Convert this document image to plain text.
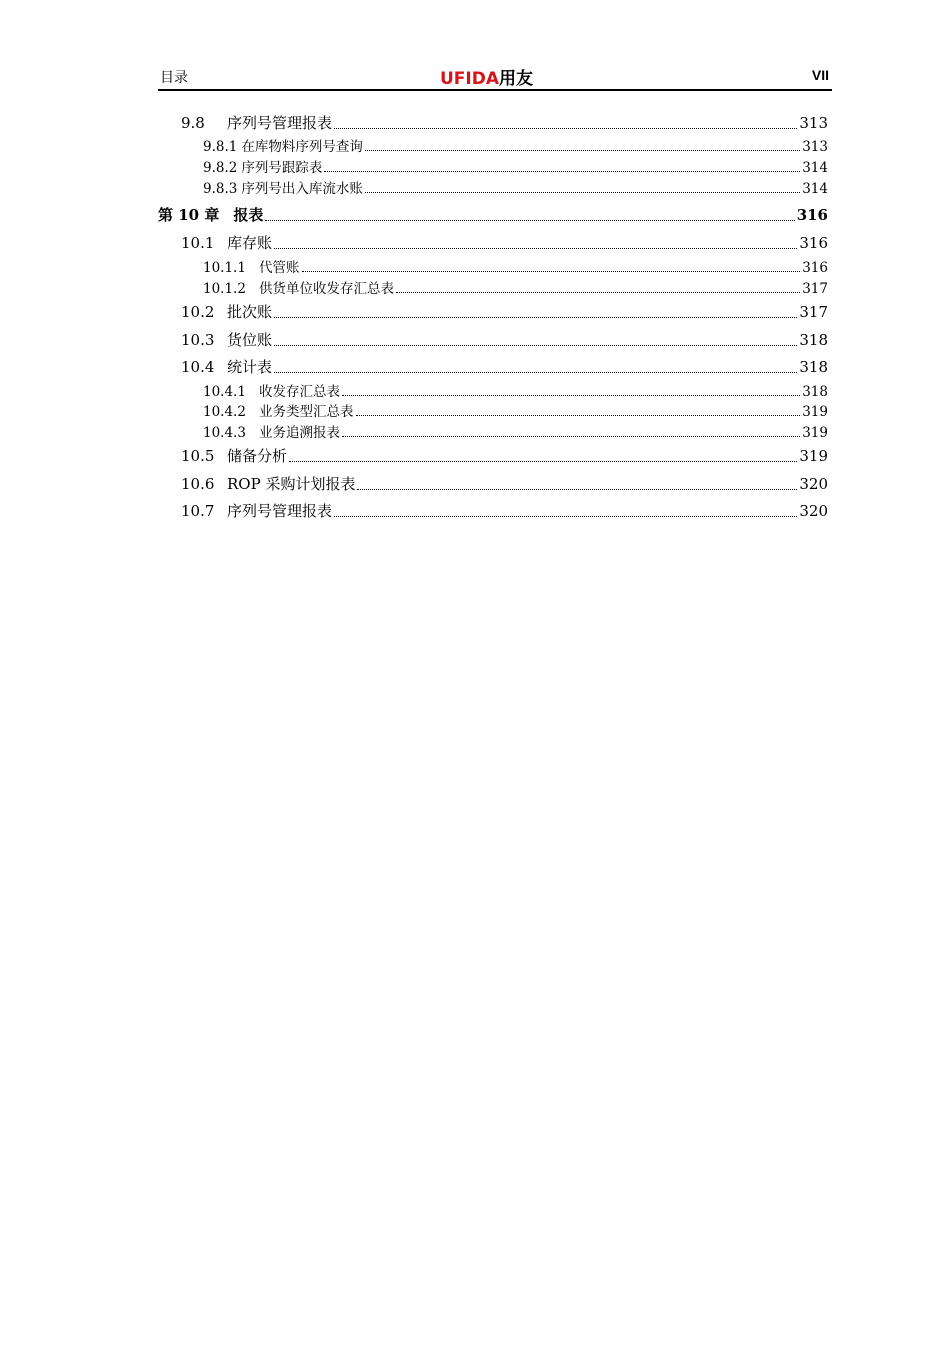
目录	UFIDA用友	VII
9.8 序列号管理报表	313
9.8.1 在库物料序列号查询	313
9.8.2 序列号跟踪表	314
9.8.3 序列号出入库流水账	314
第 10 章 报表	316
10.1 库存账	316
10.1.1 代管账	316
10.1.2 供货单位收发存汇总表	317
10.2 批次账	317
10.3 货位账	318
10.4 统计表	318
10.4.1 收发存汇总表	318
10.4.2 业务类型汇总表	319
10.4.3 业务追溯报表	319
10.5 储备分析	319
10.6 ROP 采购计划报表	320
10.7 序列号管理报表	320
